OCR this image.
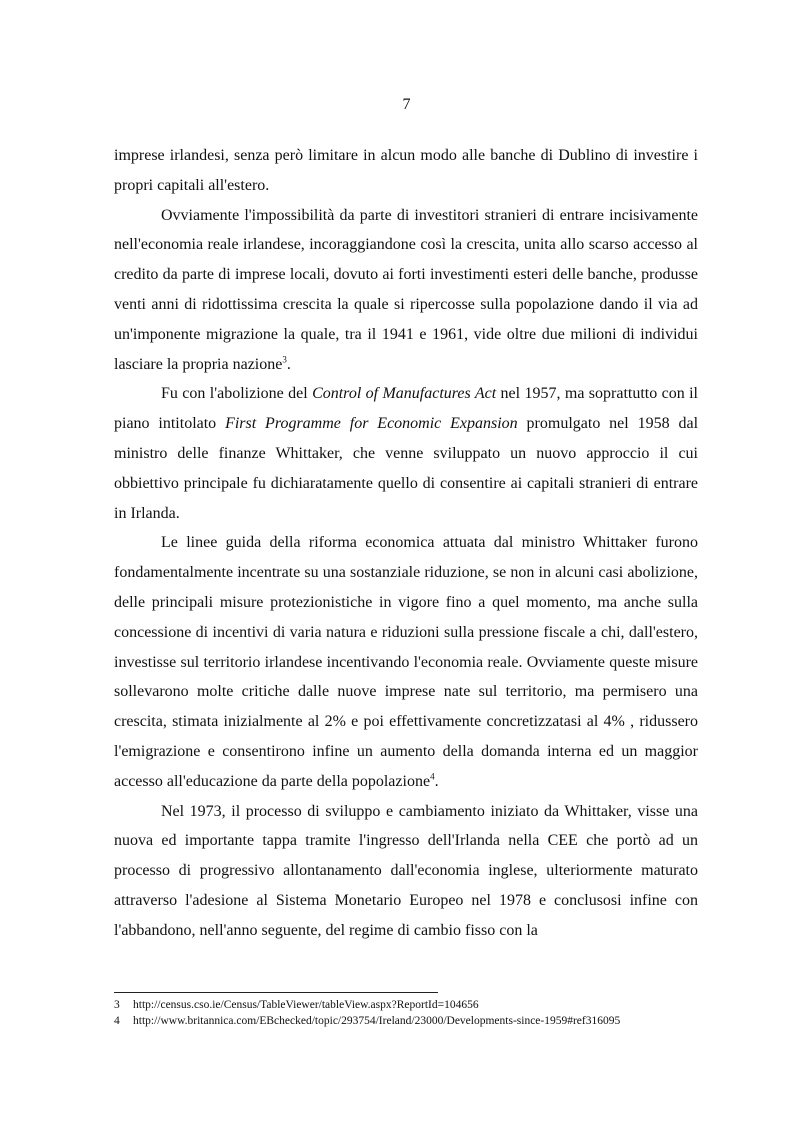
7

imprese irlandesi, senza però limitare in alcun modo alle banche di Dublino di investire i propri capitali all'estero.

Ovviamente l'impossibilità da parte di investitori stranieri di entrare incisivamente nell'economia reale irlandese, incoraggiandone così la crescita, unita allo scarso accesso al credito da parte di imprese locali, dovuto ai forti investimenti esteri delle banche, produsse venti anni di ridottissima crescita la quale si ripercosse sulla popolazione dando il via ad un'imponente migrazione la quale, tra il 1941 e 1961, vide oltre due milioni di individui lasciare la propria nazione$^3$.

Fu con l'abolizione del Control of Manufactures Act nel 1957, ma soprattutto con il piano intitolato First Programme for Economic Expansion promulgato nel 1958 dal ministro delle finanze Whittaker, che venne sviluppato un nuovo approccio il cui obbiettivo principale fu dichiaratamente quello di consentire ai capitali stranieri di entrare in Irlanda.

Le linee guida della riforma economica attuata dal ministro Whittaker furono fondamentalmente incentrate su una sostanziale riduzione, se non in alcuni casi abolizione, delle principali misure protezionistiche in vigore fino a quel momento, ma anche sulla concessione di incentivi di varia natura e riduzioni sulla pressione fiscale a chi, dall'estero, investisse sul territorio irlandese incentivando l'economia reale. Ovviamente queste misure sollevarono molte critiche dalle nuove imprese nate sul territorio, ma permisero una crescita, stimata inizialmente al 2% e poi effettivamente concretizzatasi al 4% , ridussero l'emigrazione e consentirono infine un aumento della domanda interna ed un maggior accesso all'educazione da parte della popolazione$^4$.

Nel 1973, il processo di sviluppo e cambiamento iniziato da Whittaker, visse una nuova ed importante tappa tramite l'ingresso dell'Irlanda nella CEE che portò ad un processo di progressivo allontanamento dall'economia inglese, ulteriormente maturato attraverso l'adesione al Sistema Monetario Europeo nel 1978 e conclusosi infine con l'abbandono, nell'anno seguente, del regime di cambio fisso con la

3 http://census.cso.ie/Census/TableViewer/tableView.aspx?ReportId=104656
4 http://www.britannica.com/EBchecked/topic/293754/Ireland/23000/Developments-since-1959#ref316095
